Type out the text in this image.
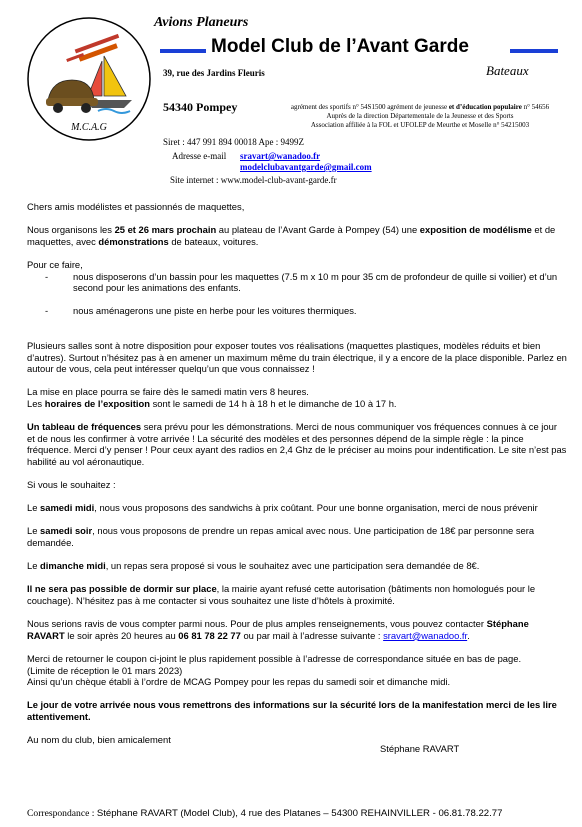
M.C.A.G
Avions Planeurs
Model Club de l’Avant Garde
39, rue des Jardins Fleuris	Bateaux
54340 Pompey	agrément des sportifs n° 54S1500 agrément de jeunesse et d’éducation populaire n° 54656
Auprès de la direction Départementale de la Jeunesse et des Sports
Association affiliée à la FOL et UFOLEP de Meurthe et Moselle n° 54215003
Siret : 447 991 894 00018 Ape : 9499Z
Adresse e-mail sravart@wanadoo.fr
modelclubavantgarde@gmail.com
Site internet : www.model-club-avant-garde.fr

Chers amis modélistes et passionnés de maquettes,

Nous organisons les 25 et 26 mars prochain au plateau de l’Avant Garde à Pompey (54) une exposition de modélisme et de maquettes, avec démonstrations de bateaux, voitures.

Pour ce faire,

-	nous disposerons d’un bassin pour les maquettes (7.5 m x 10 m pour 35 cm de profondeur de quille si voilier) et d’un second pour les animations des enfants.
-	nous aménagerons une piste en herbe pour les voitures thermiques.

Plusieurs salles sont à notre disposition pour exposer toutes vos réalisations (maquettes plastiques, modèles réduits et bien d’autres). Surtout n’hésitez pas à en amener un maximum même du train électrique, il y a encore de la place disponible. Parlez en autour de vous, cela peut intéresser quelqu’un que vous connaissez !

La mise en place pourra se faire dès le samedi matin vers 8 heures.
Les horaires de l’exposition sont le samedi de 14 h à 18 h et le dimanche de 10 à 17 h.

Un tableau de fréquences sera prévu pour les démonstrations. Merci de nous communiquer vos fréquences connues à ce jour et de nous les confirmer à votre arrivée ! La sécurité des modèles et des personnes dépend de la simple règle : la pince fréquence. Merci d’y penser ! Pour ceux ayant des radios en 2,4 Ghz de le préciser au moins pour indentification. Le site n’est pas habilité au vol aéronautique.

Si vous le souhaitez :

Le samedi midi, nous vous proposons des sandwichs à prix coûtant. Pour une bonne organisation, merci de nous prévenir

Le samedi soir, nous vous proposons de prendre un repas amical avec nous. Une participation de 18€ par personne sera demandée.

Le dimanche midi, un repas sera proposé si vous le souhaitez avec une participation sera demandée de 8€.

Il ne sera pas possible de dormir sur place, la mairie ayant refusé cette autorisation (bâtiments non homologués pour le couchage). N’hésitez pas à me contacter si vous souhaitez une liste d’hôtels à proximité.

Nous serions ravis de vous compter parmi nous. Pour de plus amples renseignements, vous pouvez contacter Stéphane RAVART le soir après 20 heures au 06 81 78 22 77 ou par mail à l’adresse suivante : sravart@wanadoo.fr.

Merci de retourner le coupon ci-joint le plus rapidement possible à l’adresse de correspondance située en bas de page.
(Limite de réception le 01 mars 2023)
Ainsi qu’un chèque établi à l’ordre de MCAG Pompey pour les repas du samedi soir et dimanche midi.

Le jour de votre arrivée nous vous remettrons des informations sur la sécurité lors de la manifestation merci de les lire attentivement.

Au nom du club, bien amicalement

Stéphane RAVART
Correspondance : Stéphane RAVART (Model Club), 4 rue des Platanes – 54300 REHAINVILLER - 06.81.78.22.77
